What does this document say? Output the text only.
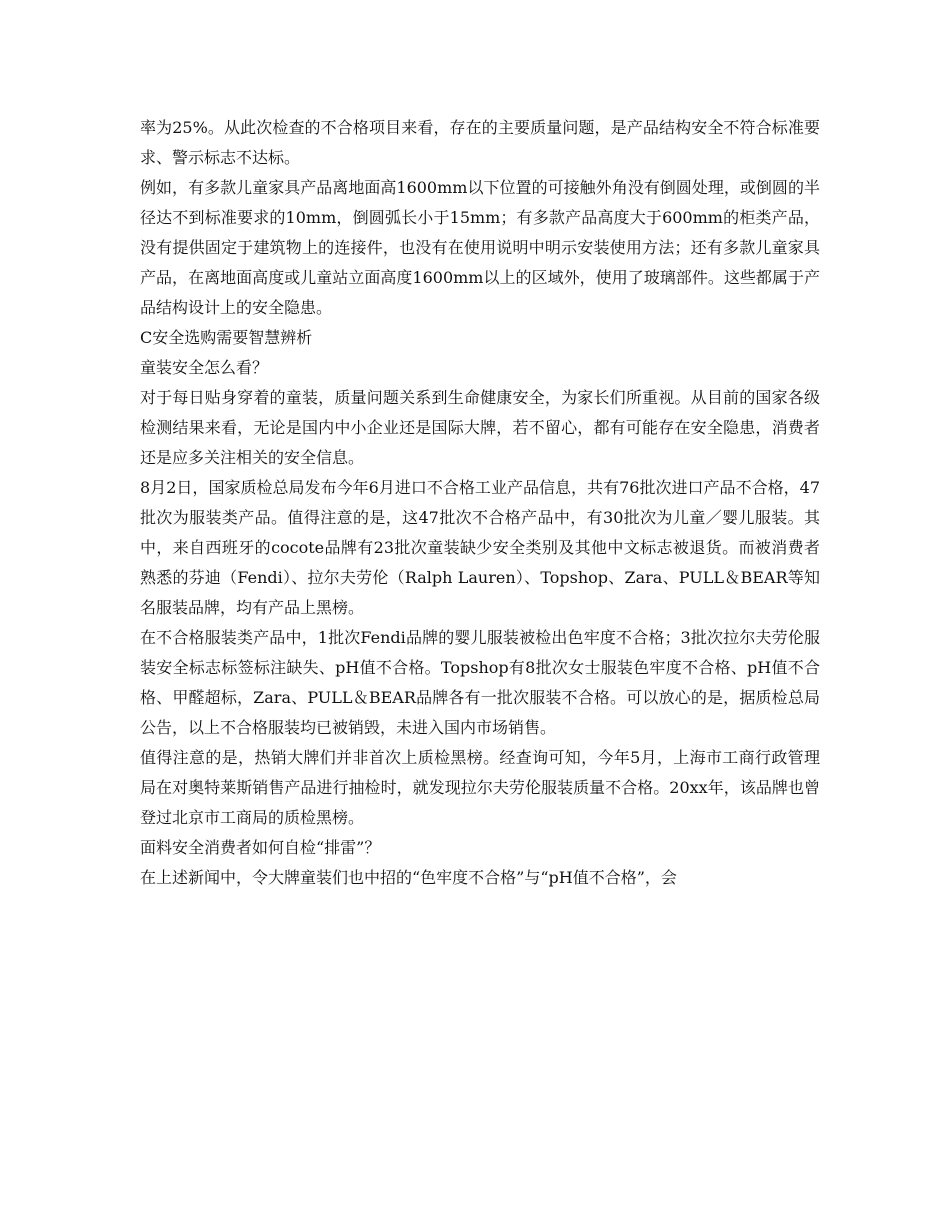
率为25%。从此次检查的不合格项目来看，存在的主要质量问题，是产品结构安全不符合标准要求、警示标志不达标。

例如，有多款儿童家具产品离地面高1600mm以下位置的可接触外角没有倒圆处理，或倒圆的半径达不到标准要求的10mm，倒圆弧长小于15mm；有多款产品高度大于600mm的柜类产品，没有提供固定于建筑物上的连接件，也没有在使用说明中明示安装使用方法；还有多款儿童家具产品，在离地面高度或儿童站立面高度1600mm以上的区域外，使用了玻璃部件。这些都属于产品结构设计上的安全隐患。

C安全选购需要智慧辨析

童装安全怎么看？

对于每日贴身穿着的童装，质量问题关系到生命健康安全，为家长们所重视。从目前的国家各级检测结果来看，无论是国内中小企业还是国际大牌，若不留心，都有可能存在安全隐患，消费者还是应多关注相关的安全信息。

8月2日，国家质检总局发布今年6月进口不合格工业产品信息，共有76批次进口产品不合格，47批次为服装类产品。值得注意的是，这47批次不合格产品中，有30批次为儿童／婴儿服装。其中，来自西班牙的cocote品牌有23批次童装缺少安全类别及其他中文标志被退货。而被消费者熟悉的芬迪（Fendi）、拉尔夫劳伦（Ralph Lauren）、Topshop、Zara、PULL＆BEAR等知名服装品牌，均有产品上黑榜。

在不合格服装类产品中，1批次Fendi品牌的婴儿服装被检出色牢度不合格；3批次拉尔夫劳伦服装安全标志标签标注缺失、pH值不合格。Topshop有8批次女士服装色牢度不合格、pH值不合格、甲醛超标，Zara、PULL＆BEAR品牌各有一批次服装不合格。可以放心的是，据质检总局公告，以上不合格服装均已被销毁，未进入国内市场销售。

值得注意的是，热销大牌们并非首次上质检黑榜。经查询可知，今年5月，上海市工商行政管理局在对奥特莱斯销售产品进行抽检时，就发现拉尔夫劳伦服装质量不合格。20xx年，该品牌也曾登过北京市工商局的质检黑榜。

面料安全消费者如何自检“排雷”？

在上述新闻中，令大牌童装们也中招的“色牢度不合格”与“pH值不合格”，会
